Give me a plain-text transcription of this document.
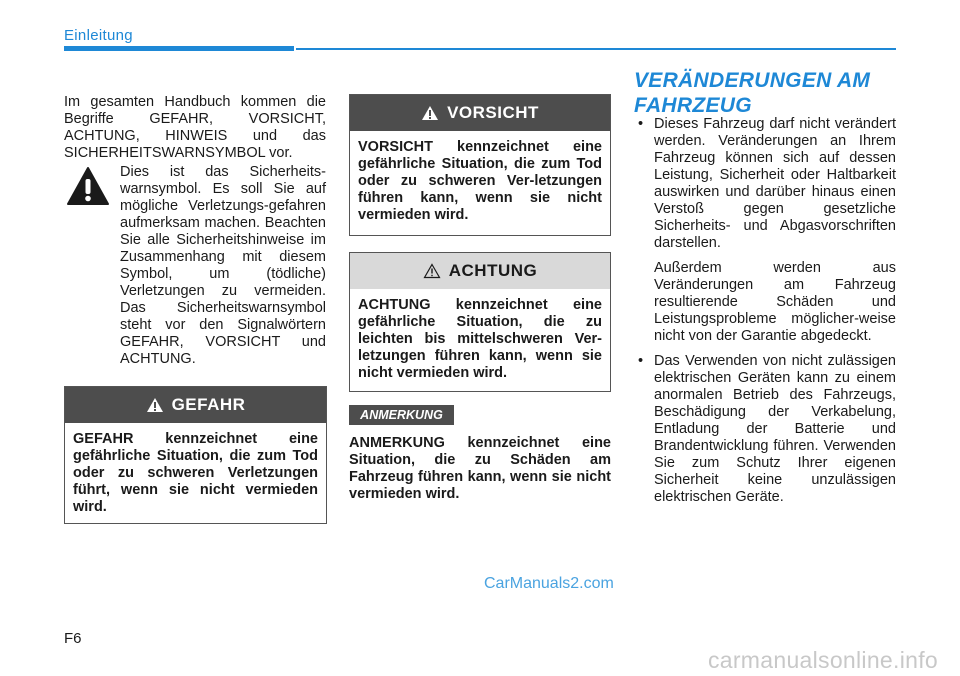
Einleitung
Im gesamten Handbuch kommen die Begriffe GEFAHR, VORSICHT, ACHTUNG, HINWEIS und das SICHERHEITSWARNSYMBOL vor.
Dies ist das Sicherheits-warnsymbol. Es soll Sie auf mögliche Verletzungs-gefahren aufmerksam machen. Beachten Sie alle Sicherheitshinweise im Zusammenhang mit diesem Symbol, um (tödliche) Verletzungen zu vermeiden. Das Sicherheitswarnsymbol steht vor den Signalwörtern GEFAHR, VORSICHT und ACHTUNG.
GEFAHR
GEFAHR kennzeichnet eine gefährliche Situation, die zum Tod oder zu schweren Verletzungen führt, wenn sie nicht vermieden wird.
VORSICHT
VORSICHT kennzeichnet eine gefährliche Situation, die zum Tod oder zu schweren Ver-letzungen führen kann, wenn sie nicht vermieden wird.
ACHTUNG
ACHTUNG kennzeichnet eine gefährliche Situation, die zu leichten bis mittelschweren Ver-letzungen führen kann, wenn sie nicht vermieden wird.
ANMERKUNG
ANMERKUNG kennzeichnet eine Situation, die zu Schäden am Fahrzeug führen kann, wenn sie nicht vermieden wird.
VERÄNDERUNGEN AM FAHRZEUG
• Dieses Fahrzeug darf nicht verändert werden. Veränderungen an Ihrem Fahrzeug können sich auf dessen Leistung, Sicherheit oder Haltbarkeit auswirken und darüber hinaus einen Verstoß gegen gesetzliche Sicherheits- und Abgasvorschriften darstellen.
Außerdem werden aus Veränderungen am Fahrzeug resultierende Schäden und Leistungsprobleme möglicher-weise nicht von der Garantie abgedeckt.
• Das Verwenden von nicht zulässigen elektrischen Geräten kann zu einem anormalen Betrieb des Fahrzeugs, Beschädigung der Verkabelung, Entladung der Batterie und Brandentwicklung führen. Verwenden Sie zum Schutz Ihrer eigenen Sicherheit keine unzulässigen elektrischen Geräte.
CarManuals2.com
F6
carmanualsonline.info
